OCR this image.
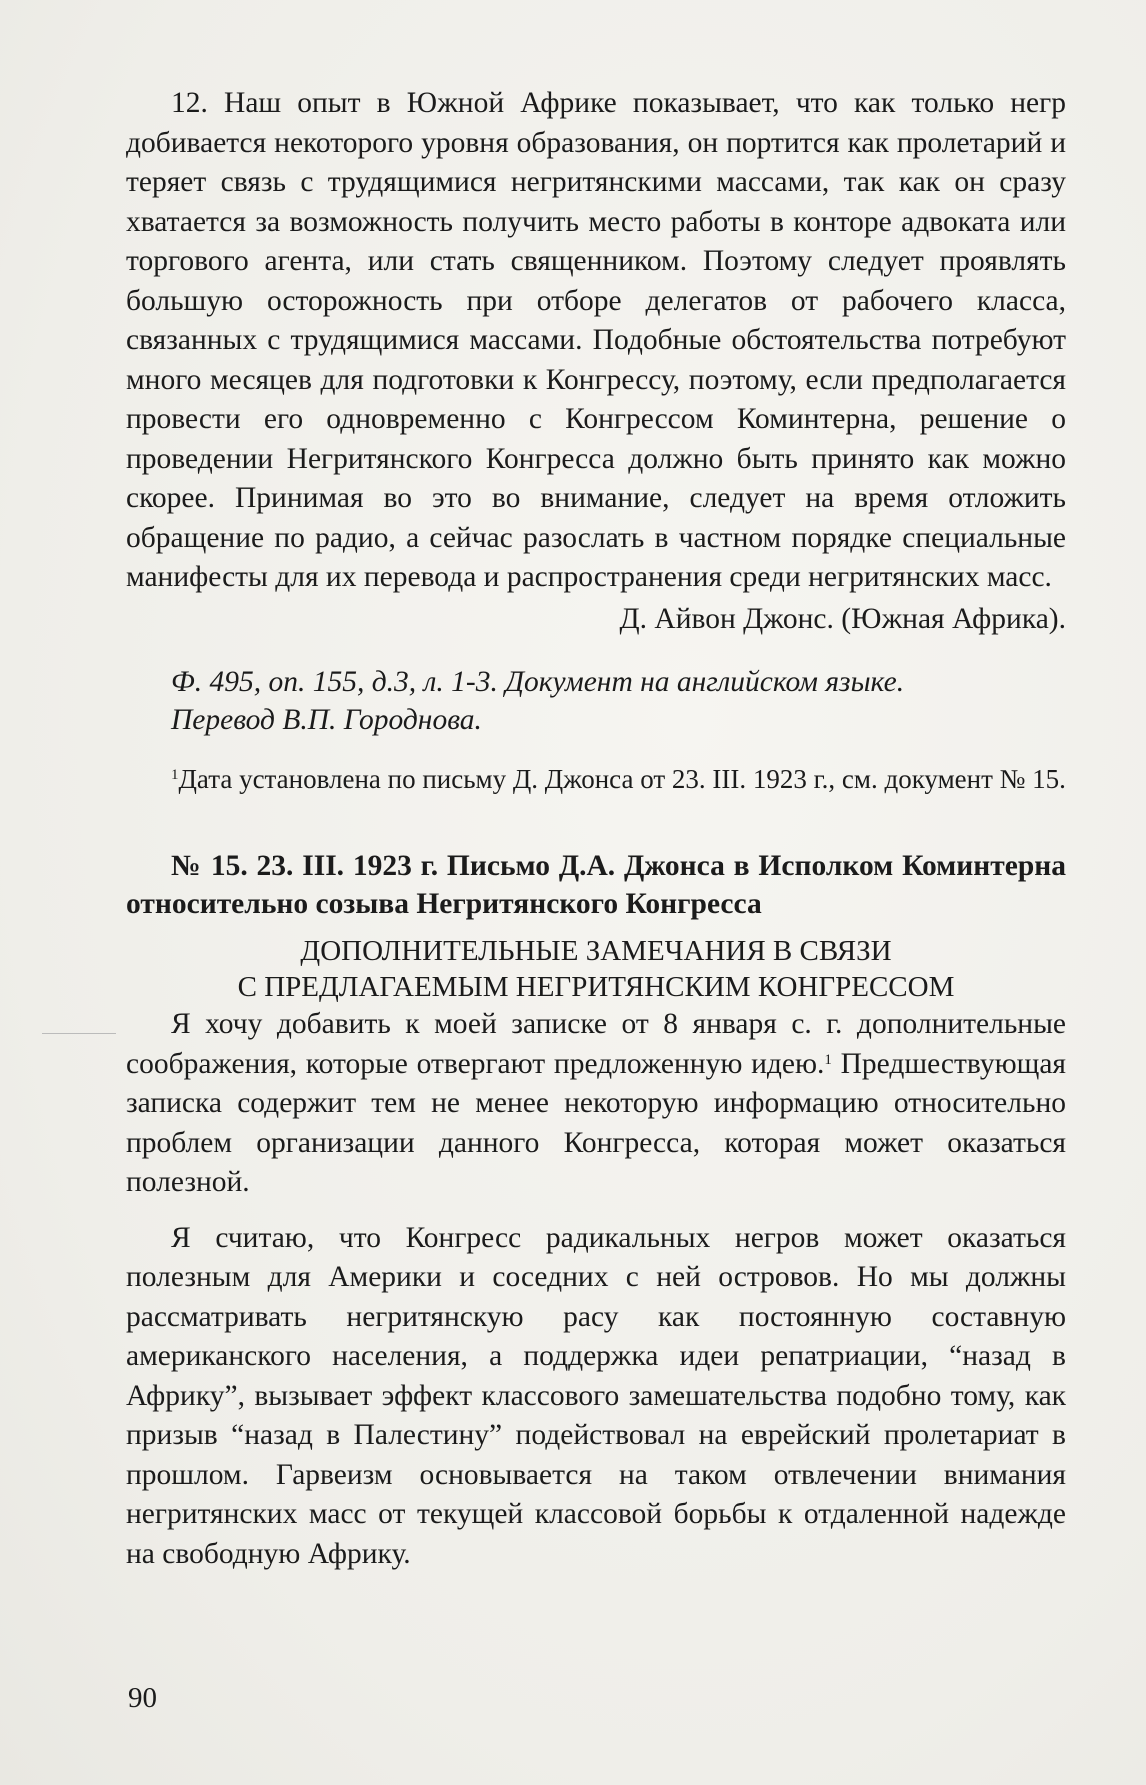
12. Наш опыт в Южной Африке показывает, что как только негр добивается некоторого уровня образования, он портится как пролетарий и теряет связь с трудящимися негритянскими массами, так как он сразу хватается за возможность получить место работы в конторе адвоката или торгового агента, или стать священником. Поэтому следует проявлять большую осторожность при отборе делегатов от рабочего класса, связанных с трудящимися массами. Подобные обстоятельства потребуют много месяцев для подготовки к Конгрессу, поэтому, если предполагается провести его одновременно с Конгрессом Коминтерна, решение о проведении Негритянского Конгресса должно быть принято как можно скорее. Принимая во это во внимание, следует на время отложить обращение по радио, а сейчас разослать в частном порядке специальные манифесты для их перевода и распространения среди негритянских масс.

Д. Айвон Джонс. (Южная Африка).

Ф. 495, оп. 155, д.3, л. 1-3. Документ на английском языке.
Перевод В.П. Городнова.

$^1$Дата установлена по письму Д. Джонса от 23. III. 1923 г., см. документ № 15.

№ 15. 23. III. 1923 г. Письмо Д.А. Джонса в Исполком Коминтерна относительно созыва Негритянского Конгресса

ДОПОЛНИТЕЛЬНЫЕ ЗАМЕЧАНИЯ В СВЯЗИ
С ПРЕДЛАГАЕМЫМ НЕГРИТЯНСКИМ КОНГРЕССОМ

Я хочу добавить к моей записке от 8 января с. г. дополнительные соображения, которые отвергают предложенную идею.$^1$ Предшествующая записка содержит тем не менее некоторую информацию относительно проблем организации данного Конгресса, которая может оказаться полезной.

Я считаю, что Конгресс радикальных негров может оказаться полезным для Америки и соседних с ней островов. Но мы должны рассматривать негритянскую расу как постоянную составную американского населения, а поддержка идеи репатриации, “назад в Африку”, вызывает эффект классового замешательства подобно тому, как призыв “назад в Палестину” подействовал на еврейский пролетариат в прошлом. Гарвеизм основывается на таком отвлечении внимания негритянских масс от текущей классовой борьбы к отдаленной надежде на свободную Африку.

90
